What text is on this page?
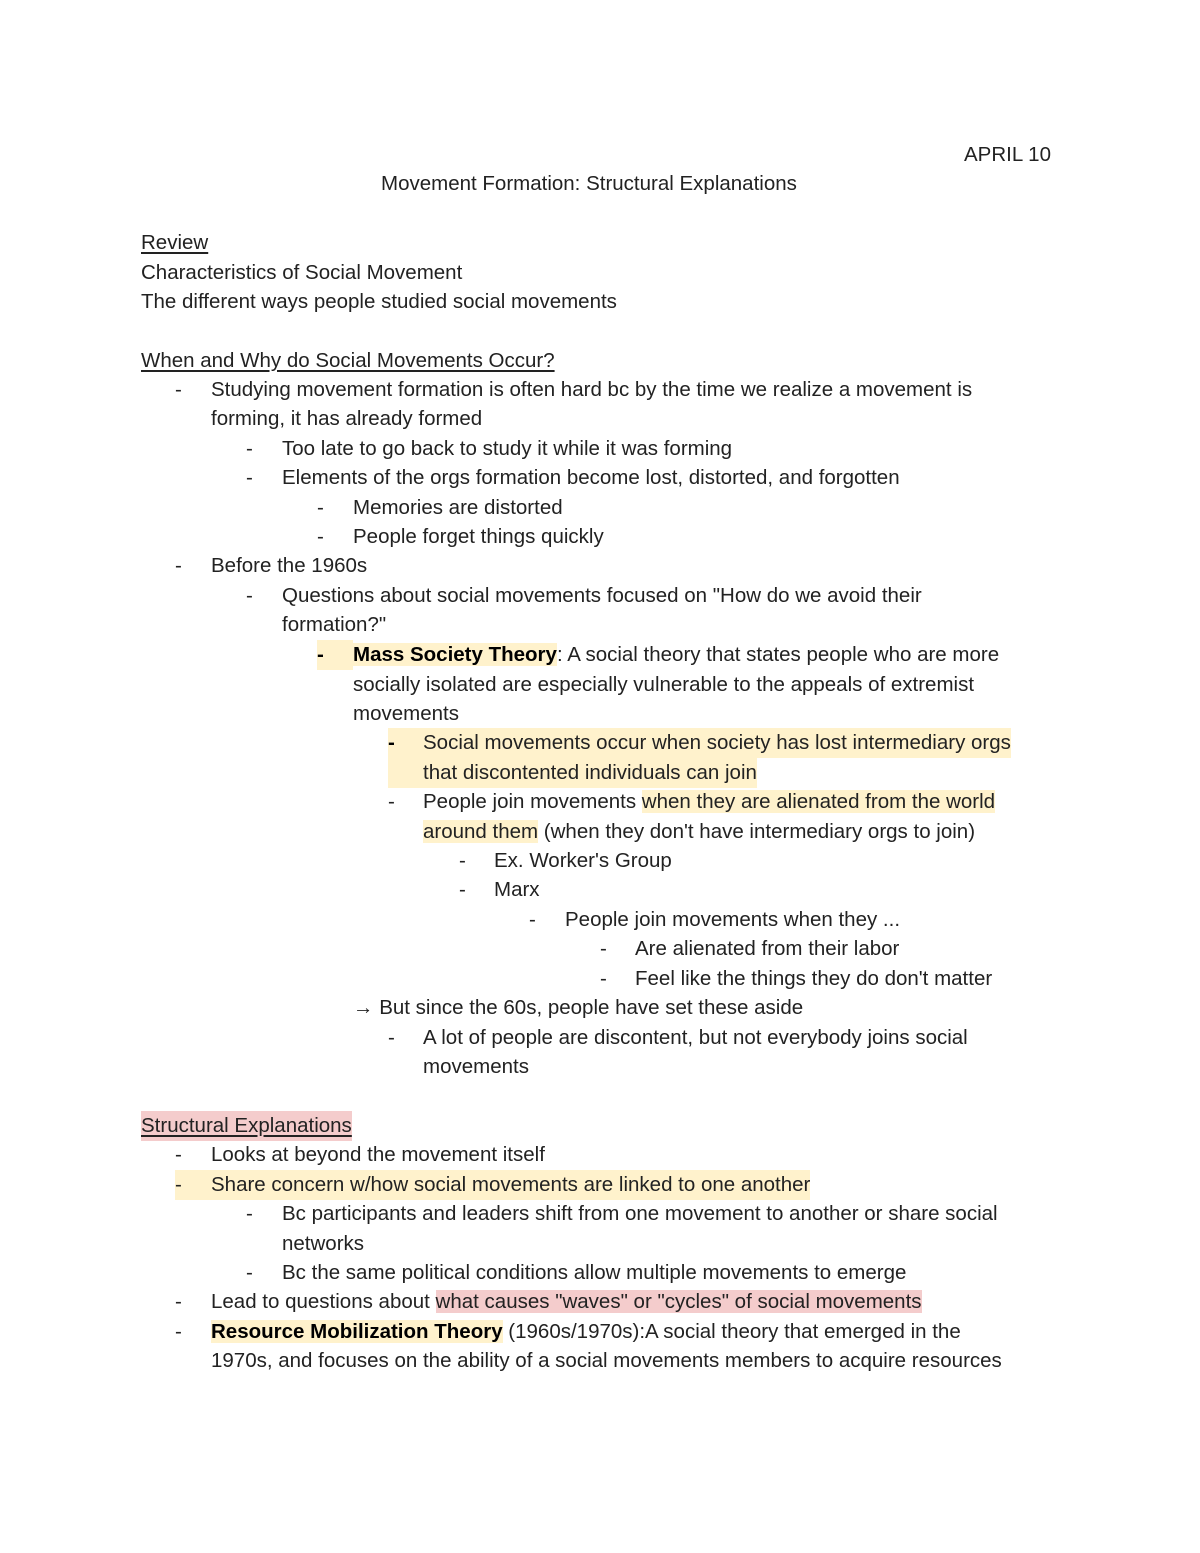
APRIL 10
Movement Formation: Structural Explanations
Review
Characteristics of Social Movement
The different ways people studied social movements
When and Why do Social Movements Occur?
- Studying movement formation is often hard bc by the time we realize a movement is
forming, it has already formed
- Too late to go back to study it while it was forming
- Elements of the orgs formation become lost, distorted, and forgotten
- Memories are distorted
- People forget things quickly
- Before the 1960s
- Questions about social movements focused on "How do we avoid their
formation?"
-	Mass Society Theory: A social theory that states people who are more
socially isolated are especially vulnerable to the appeals of extremist
movements
-	Social movements occur when society has lost intermediary orgs
that discontented individuals can join
- People join movements when they are alienated from the world
around them (when they don't have intermediary orgs to join)
- Ex. Worker's Group
- Marx
- People join movements when they ...
- Are alienated from their labor
- Feel like the things they do don't matter
→ But since the 60s, people have set these aside
- A lot of people are discontent, but not everybody joins social
movements
Structural Explanations
- Looks at beyond the movement itself
-	Share concern w/how social movements are linked to one another
- Bc participants and leaders shift from one movement to another or share social
networks
- Bc the same political conditions allow multiple movements to emerge
- Lead to questions about what causes "waves" or "cycles" of social movements
- Resource Mobilization Theory (1960s/1970s):A social theory that emerged in the
1970s, and focuses on the ability of a social movements members to acquire resources
